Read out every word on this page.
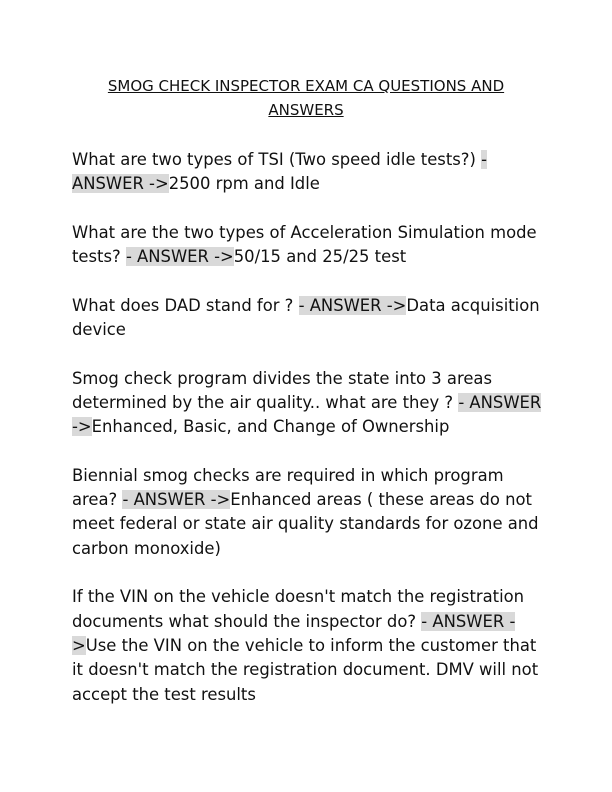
SMOG CHECK INSPECTOR EXAM CA QUESTIONS AND
ANSWERS
What are two types of TSI (Two speed idle tests?) - ANSWER ->2500 rpm and Idle
What are the two types of Acceleration Simulation mode tests? - ANSWER ->50/15 and 25/25 test
What does DAD stand for ? - ANSWER ->Data acquisition device
Smog check program divides the state into 3 areas determined by the air quality.. what are they ? - ANSWER ->Enhanced, Basic, and Change of Ownership
Biennial smog checks are required in which program area? - ANSWER ->Enhanced areas ( these areas do not meet federal or state air quality standards for ozone and carbon monoxide)
If the VIN on the vehicle doesn't match the registration documents what should the inspector do? - ANSWER ->Use the VIN on the vehicle to inform the customer that it doesn't match the registration document. DMV will not accept the test results
